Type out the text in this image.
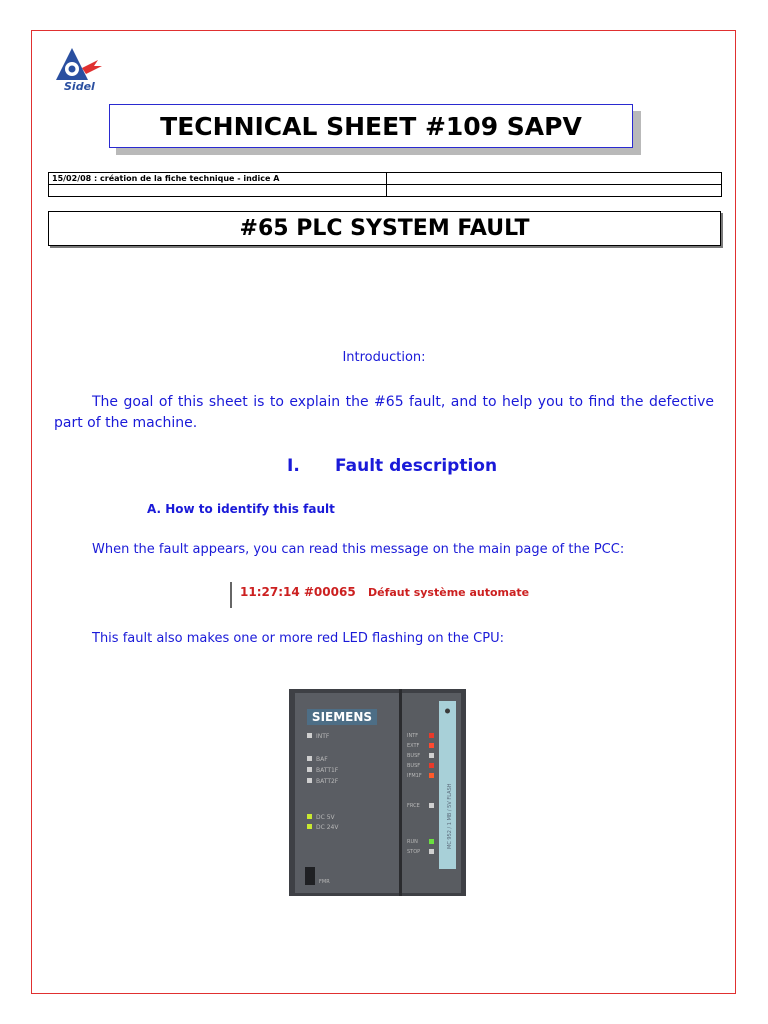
Sidel
TECHNICAL SHEET #109 SAPV
15/02/08 : création de la fiche technique - indice A	

#65 PLC SYSTEM FAULT
Introduction:
The goal of this sheet is to explain the #65 fault, and to help you to find the defective part of the machine.
I. Fault description
A. How to identify this fault
When the fault appears, you can read this message on the main page of the PCC:
11:27:14 #00065 Défaut système automate
This fault also makes one or more red LED flashing on the CPU:
SIEMENS
INTF
BAF
BATT1F
BATT2F
DC 5V
DC 24V
FMR
INTF
EXTF
BUSF
BUSF
IFM1F
FRCE
RUN
STOP
MC 952 / 1 MB / 5V FLASH
